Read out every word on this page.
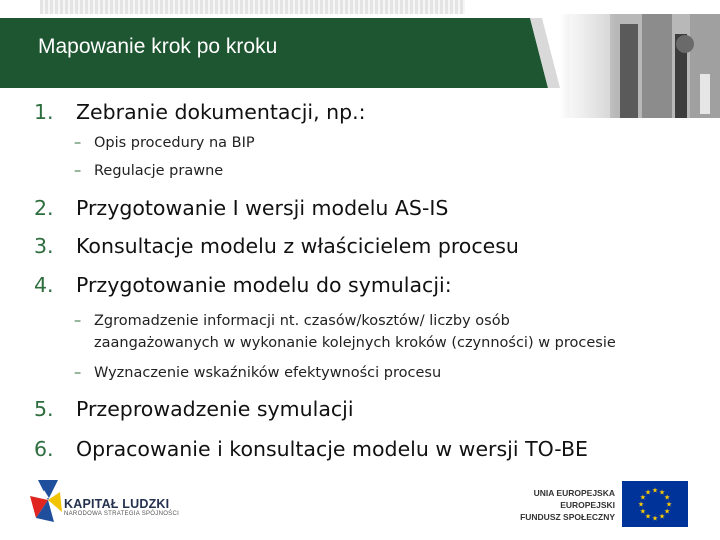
Mapowanie krok po kroku
1. Zebranie dokumentacji, np.:
– Opis procedury na BIP
– Regulacje prawne
2. Przygotowanie I wersji modelu AS-IS
3. Konsultacje modelu z właścicielem procesu
4. Przygotowanie modelu do symulacji:
– Zgromadzenie informacji nt. czasów/kosztów/ liczby osób
zaangażowanych w wykonanie kolejnych kroków (czynności) w procesie
– Wyznaczenie wskaźników efektywności procesu
5. Przeprowadzenie symulacji
6. Opracowanie i konsultacje modelu w wersji TO-BE
KAPITAŁ LUDZKI
NARODOWA STRATEGIA SPÓJNOŚCI
UNIA EUROPEJSKA
EUROPEJSKI
FUNDUSZ SPOŁECZNY
★
★
★
★
★
★
★
★
★ ★ ★
★
